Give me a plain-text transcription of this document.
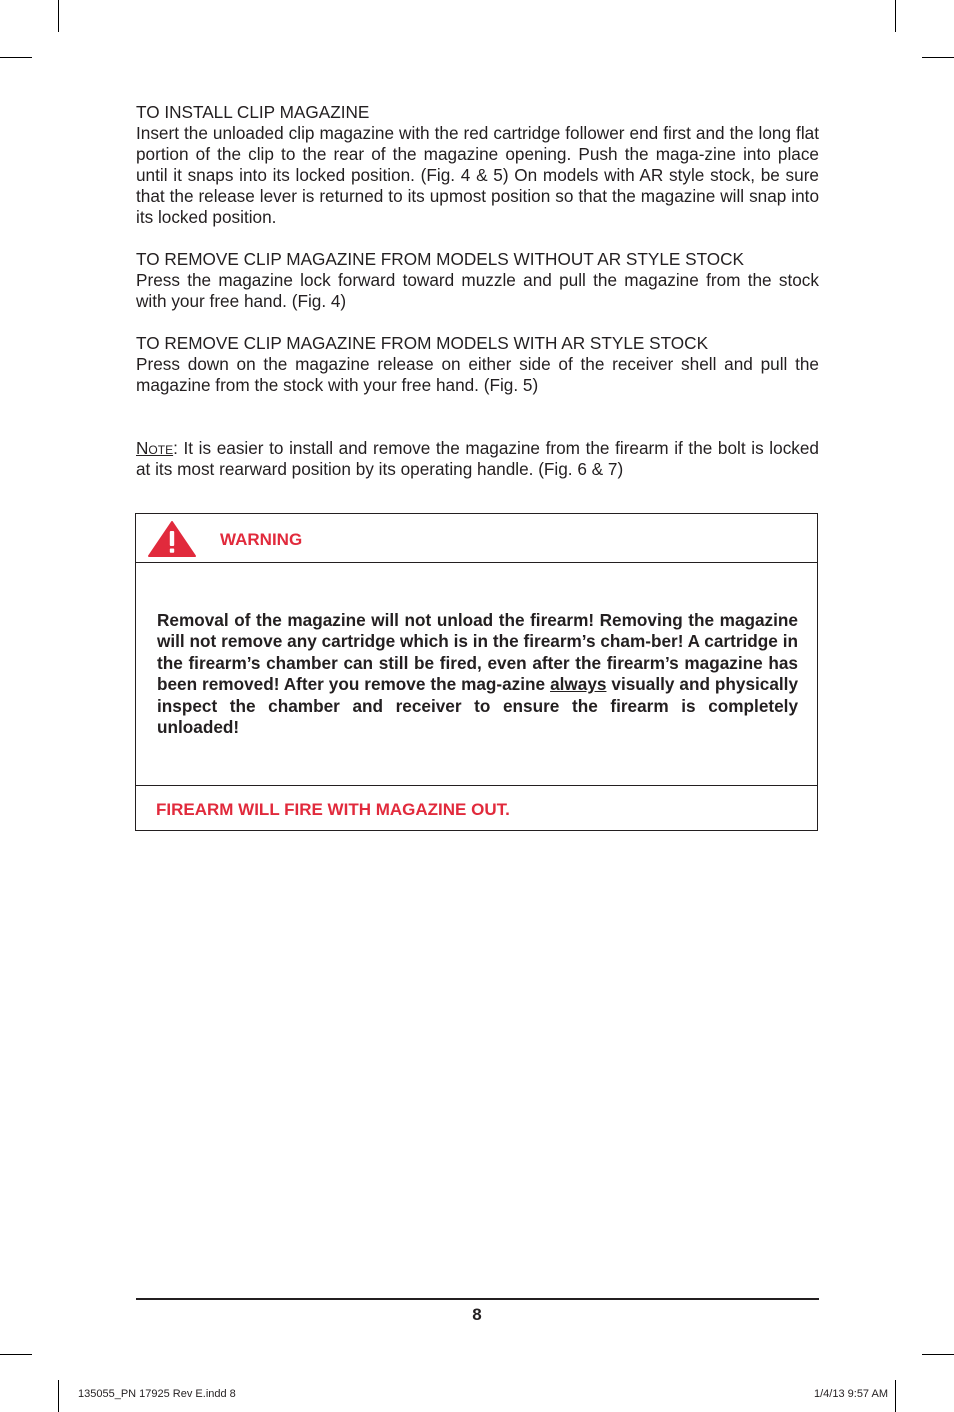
TO INSTALL CLIP MAGAZINE

Insert the unloaded clip magazine with the red cartridge follower end first and the long flat portion of the clip to the rear of the magazine opening. Push the maga-zine into place until it snaps into its locked position. (Fig. 4 & 5) On models with AR style stock, be sure that the release lever is returned to its upmost position so that the magazine will snap into its locked position.

TO REMOVE CLIP MAGAZINE FROM MODELS WITHOUT AR STYLE STOCK

Press the magazine lock forward toward muzzle and pull the magazine from the stock with your free hand. (Fig. 4)

TO REMOVE CLIP MAGAZINE FROM MODELS WITH AR STYLE STOCK

Press down on the magazine release on either side of the receiver shell and pull the magazine from the stock with your free hand. (Fig. 5)

Note: It is easier to install and remove the magazine from the firearm if the bolt is locked at its most rearward position by its operating handle. (Fig. 6 & 7)

WARNING

Removal of the magazine will not unload the firearm! Removing the magazine will not remove any cartridge which is in the firearm’s cham-ber! A cartridge in the firearm’s chamber can still be fired, even after the firearm’s magazine has been removed! After you remove the mag-azine always visually and physically inspect the chamber and receiver to ensure the firearm is completely unloaded!

FIREARM WILL FIRE WITH MAGAZINE OUT.
8
135055_PN 17925 Rev E.indd 8	1/4/13 9:57 AM
